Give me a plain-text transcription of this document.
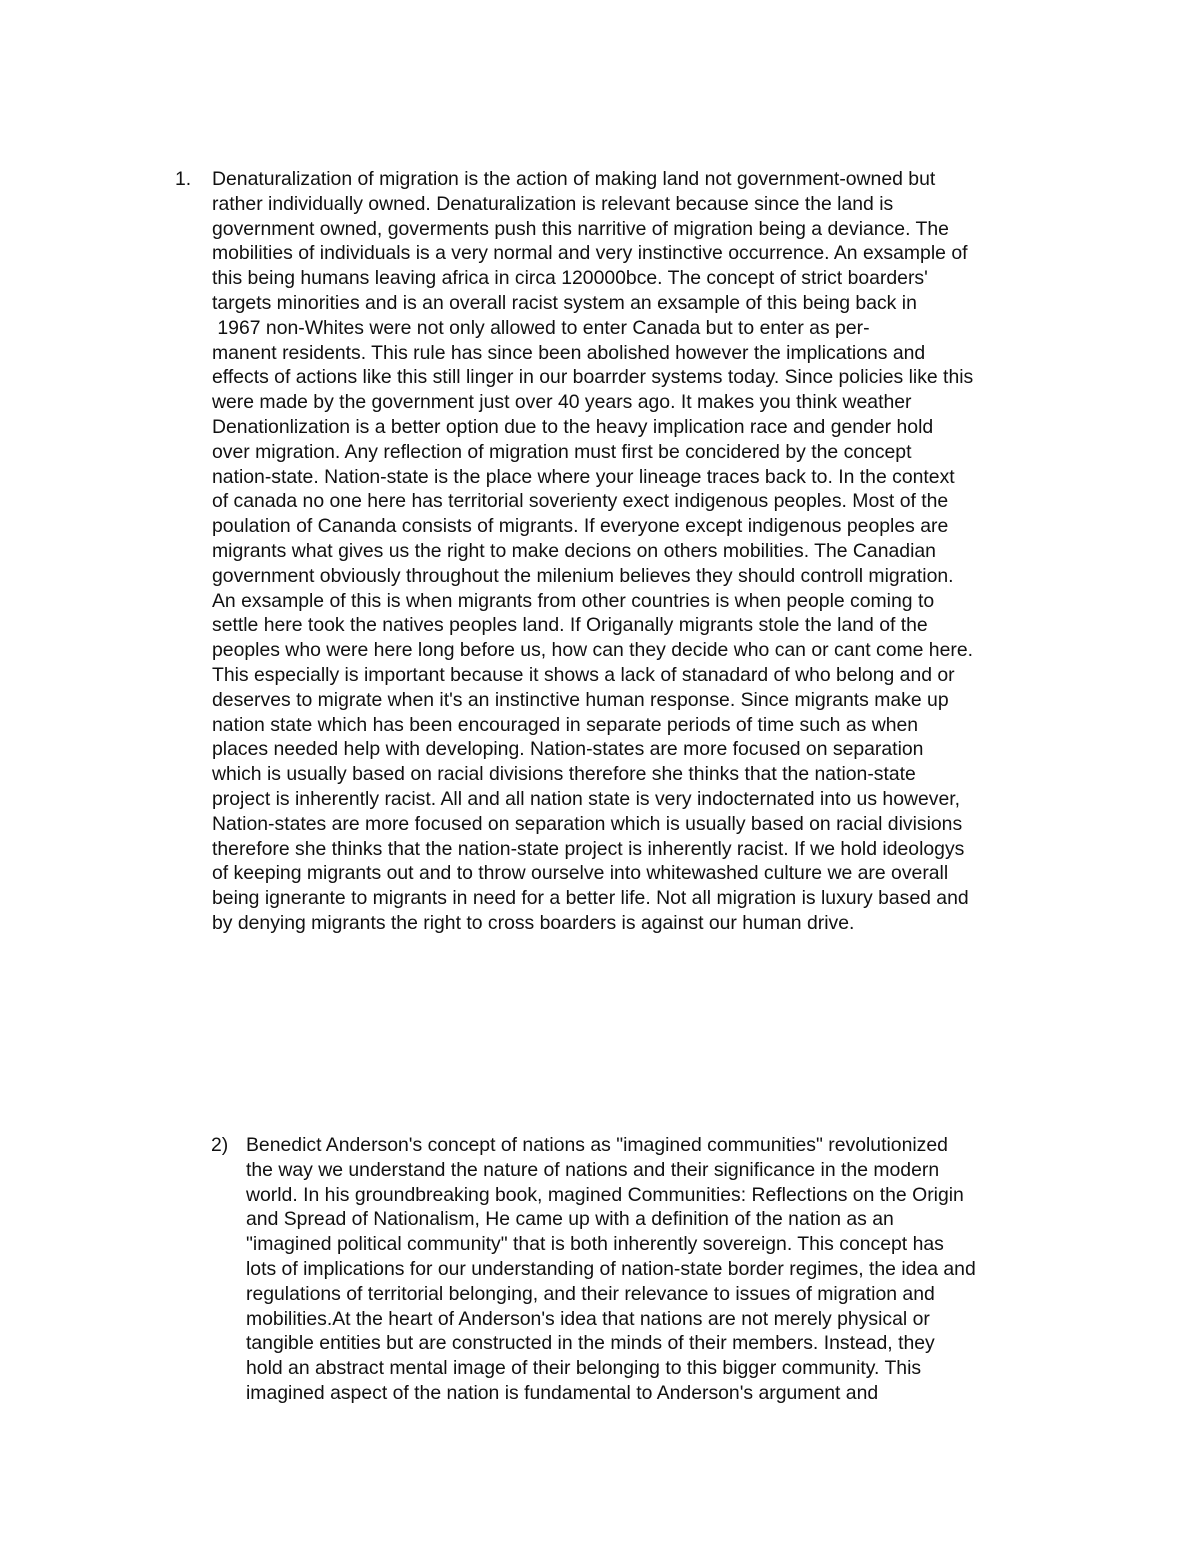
1. Denaturalization of migration is the action of making land not government-owned but
rather individually owned. Denaturalization is relevant because since the land is
government owned, goverments push this narritive of migration being a deviance. The
mobilities of individuals is a very normal and very instinctive occurrence. An exsample of
this being humans leaving africa in circa 120000bce. The concept of strict boarders'
targets minorities and is an overall racist system an exsample of this being back in
1967 non-Whites were not only allowed to enter Canada but to enter as per-
manent residents. This rule has since been abolished however the implications and
effects of actions like this still linger in our boarrder systems today. Since policies like this
were made by the government just over 40 years ago. It makes you think weather
Denationlization is a better option due to the heavy implication race and gender hold
over migration. Any reflection of migration must first be concidered by the concept
nation-state. Nation-state is the place where your lineage traces back to. In the context
of canada no one here has territorial soverienty exect indigenous peoples. Most of the
poulation of Cananda consists of migrants. If everyone except indigenous peoples are
migrants what gives us the right to make decions on others mobilities. The Canadian
government obviously throughout the milenium believes they should controll migration.
An exsample of this is when migrants from other countries is when people coming to
settle here took the natives peoples land. If Origanally migrants stole the land of the
peoples who were here long before us, how can they decide who can or cant come here.
This especially is important because it shows a lack of stanadard of who belong and or
deserves to migrate when it's an instinctive human response. Since migrants make up
nation state which has been encouraged in separate periods of time such as when
places needed help with developing. Nation-states are more focused on separation
which is usually based on racial divisions therefore she thinks that the nation-state
project is inherently racist. All and all nation state is very indocternated into us however,
Nation-states are more focused on separation which is usually based on racial divisions
therefore she thinks that the nation-state project is inherently racist. If we hold ideologys
of keeping migrants out and to throw ourselve into whitewashed culture we are overall
being ignerante to migrants in need for a better life. Not all migration is luxury based and
by denying migrants the right to cross boarders is against our human drive.
2) Benedict Anderson's concept of nations as "imagined communities" revolutionized
the way we understand the nature of nations and their significance in the modern
world. In his groundbreaking book, magined Communities: Reflections on the Origin
and Spread of Nationalism, He came up with a definition of the nation as an
"imagined political community" that is both inherently sovereign. This concept has
lots of implications for our understanding of nation-state border regimes, the idea and
regulations of territorial belonging, and their relevance to issues of migration and
mobilities.At the heart of Anderson's idea that nations are not merely physical or
tangible entities but are constructed in the minds of their members. Instead, they
hold an abstract mental image of their belonging to this bigger community. This
imagined aspect of the nation is fundamental to Anderson's argument and
